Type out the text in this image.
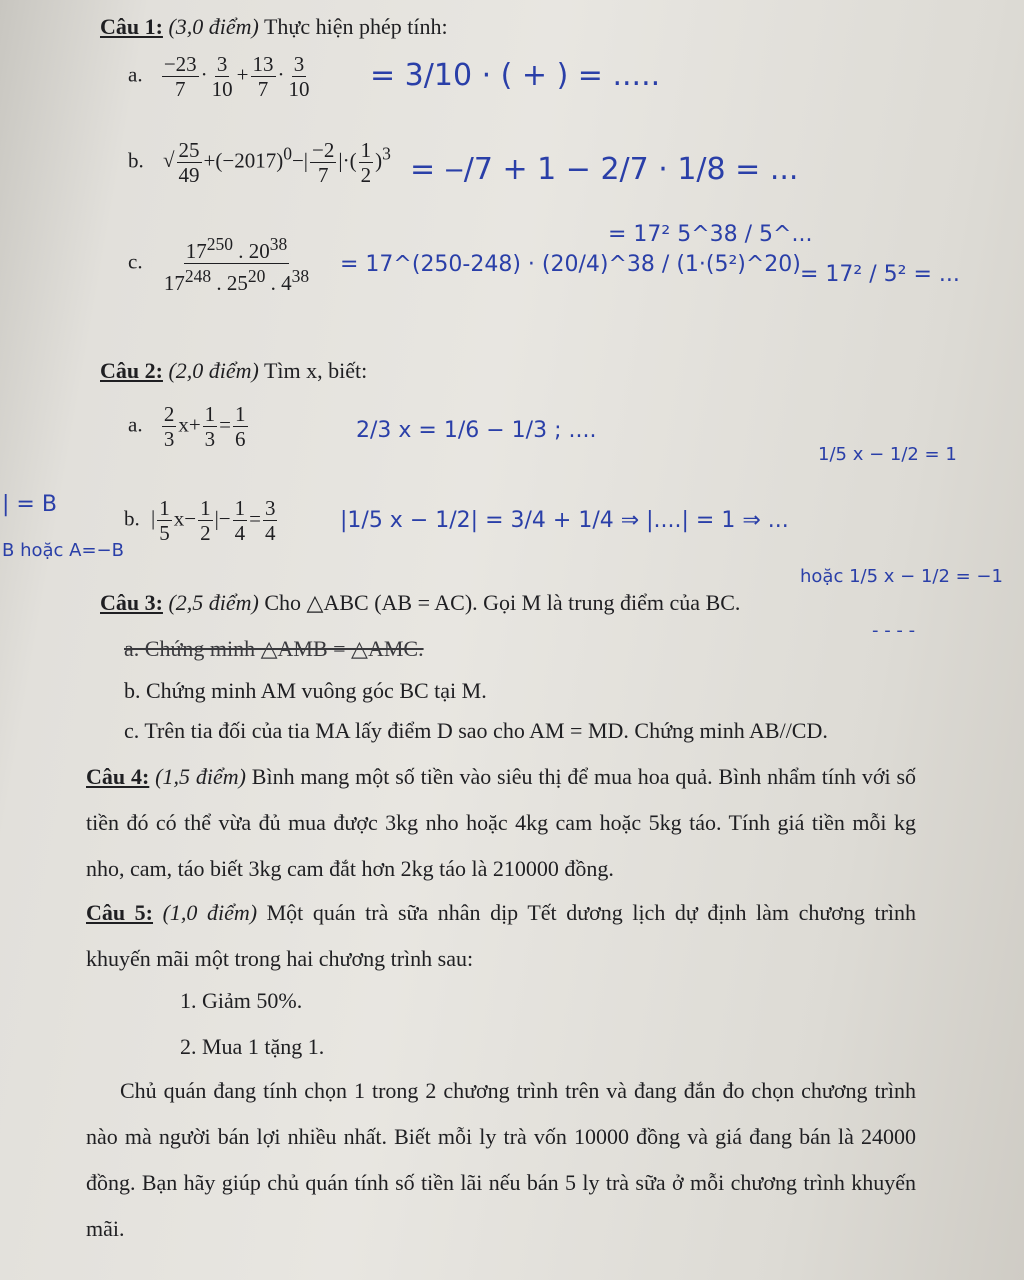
Câu 1: (3,0 điểm) Thực hiện phép tính:
a. $\frac{-23}{7} \cdot \frac{3}{10} + \frac{13}{7} \cdot \frac{3}{10} = 3/10$ · ( + ) = .....
b. √ $\frac{25}{49} +(-2017)^0-| \frac{-2}{7}$ |·( $\frac{1}{2} )^3$ = ‒/7 + 1 − 2/7 · 1/8 = ...
c. $\frac{17^{250} . 20^{38}}{17^{248} . 25^{20} . 4^{38}}$ = 17^(250-248) · (20/4)^38 / (1·(5²)^20)
= 17² 5^38 / 5^...
= 17² / 5² = ...
Câu 2: (2,0 điểm) Tìm x, biết:
a. $\frac{2}{3} x+ \frac{1}{3} = \frac{1}{6}$	2/3 x = 1/6 − 1/3 ; ....
1/5 x − 1/2 = 1
| = B
B hoặc A=−B
b. | $\frac{1}{5} x- \frac{1}{2}$ |− $\frac{1}{4} = \frac{3}{4}$	|1/5 x − 1/2| = 3/4 + 1/4 ⇒ |....| = 1 ⇒ ...
hoặc 1/5 x − 1/2 = −1
- - - -
Câu 3: (2,5 điểm) Cho △ABC (AB = AC). Gọi M là trung điểm của BC.
a. Chứng minh △AMB = △AMC.
b. Chứng minh AM vuông góc BC tại M.
c. Trên tia đối của tia MA lấy điểm D sao cho AM = MD. Chứng minh AB//CD.
Câu 4: (1,5 điểm) Bình mang một số tiền vào siêu thị để mua hoa quả. Bình nhẩm tính với số tiền đó có thể vừa đủ mua được 3kg nho hoặc 4kg cam hoặc 5kg táo. Tính giá tiền mỗi kg nho, cam, táo biết 3kg cam đắt hơn 2kg táo là 210000 đồng.
Câu 5: (1,0 điểm) Một quán trà sữa nhân dịp Tết dương lịch dự định làm chương trình khuyến mãi một trong hai chương trình sau:
1. Giảm 50%.
2. Mua 1 tặng 1.
Chủ quán đang tính chọn 1 trong 2 chương trình trên và đang đắn đo chọn chương trình nào mà người bán lợi nhiều nhất. Biết mỗi ly trà vốn 10000 đồng và giá đang bán là 24000 đồng. Bạn hãy giúp chủ quán tính số tiền lãi nếu bán 5 ly trà sữa ở mỗi chương trình khuyến mãi.
